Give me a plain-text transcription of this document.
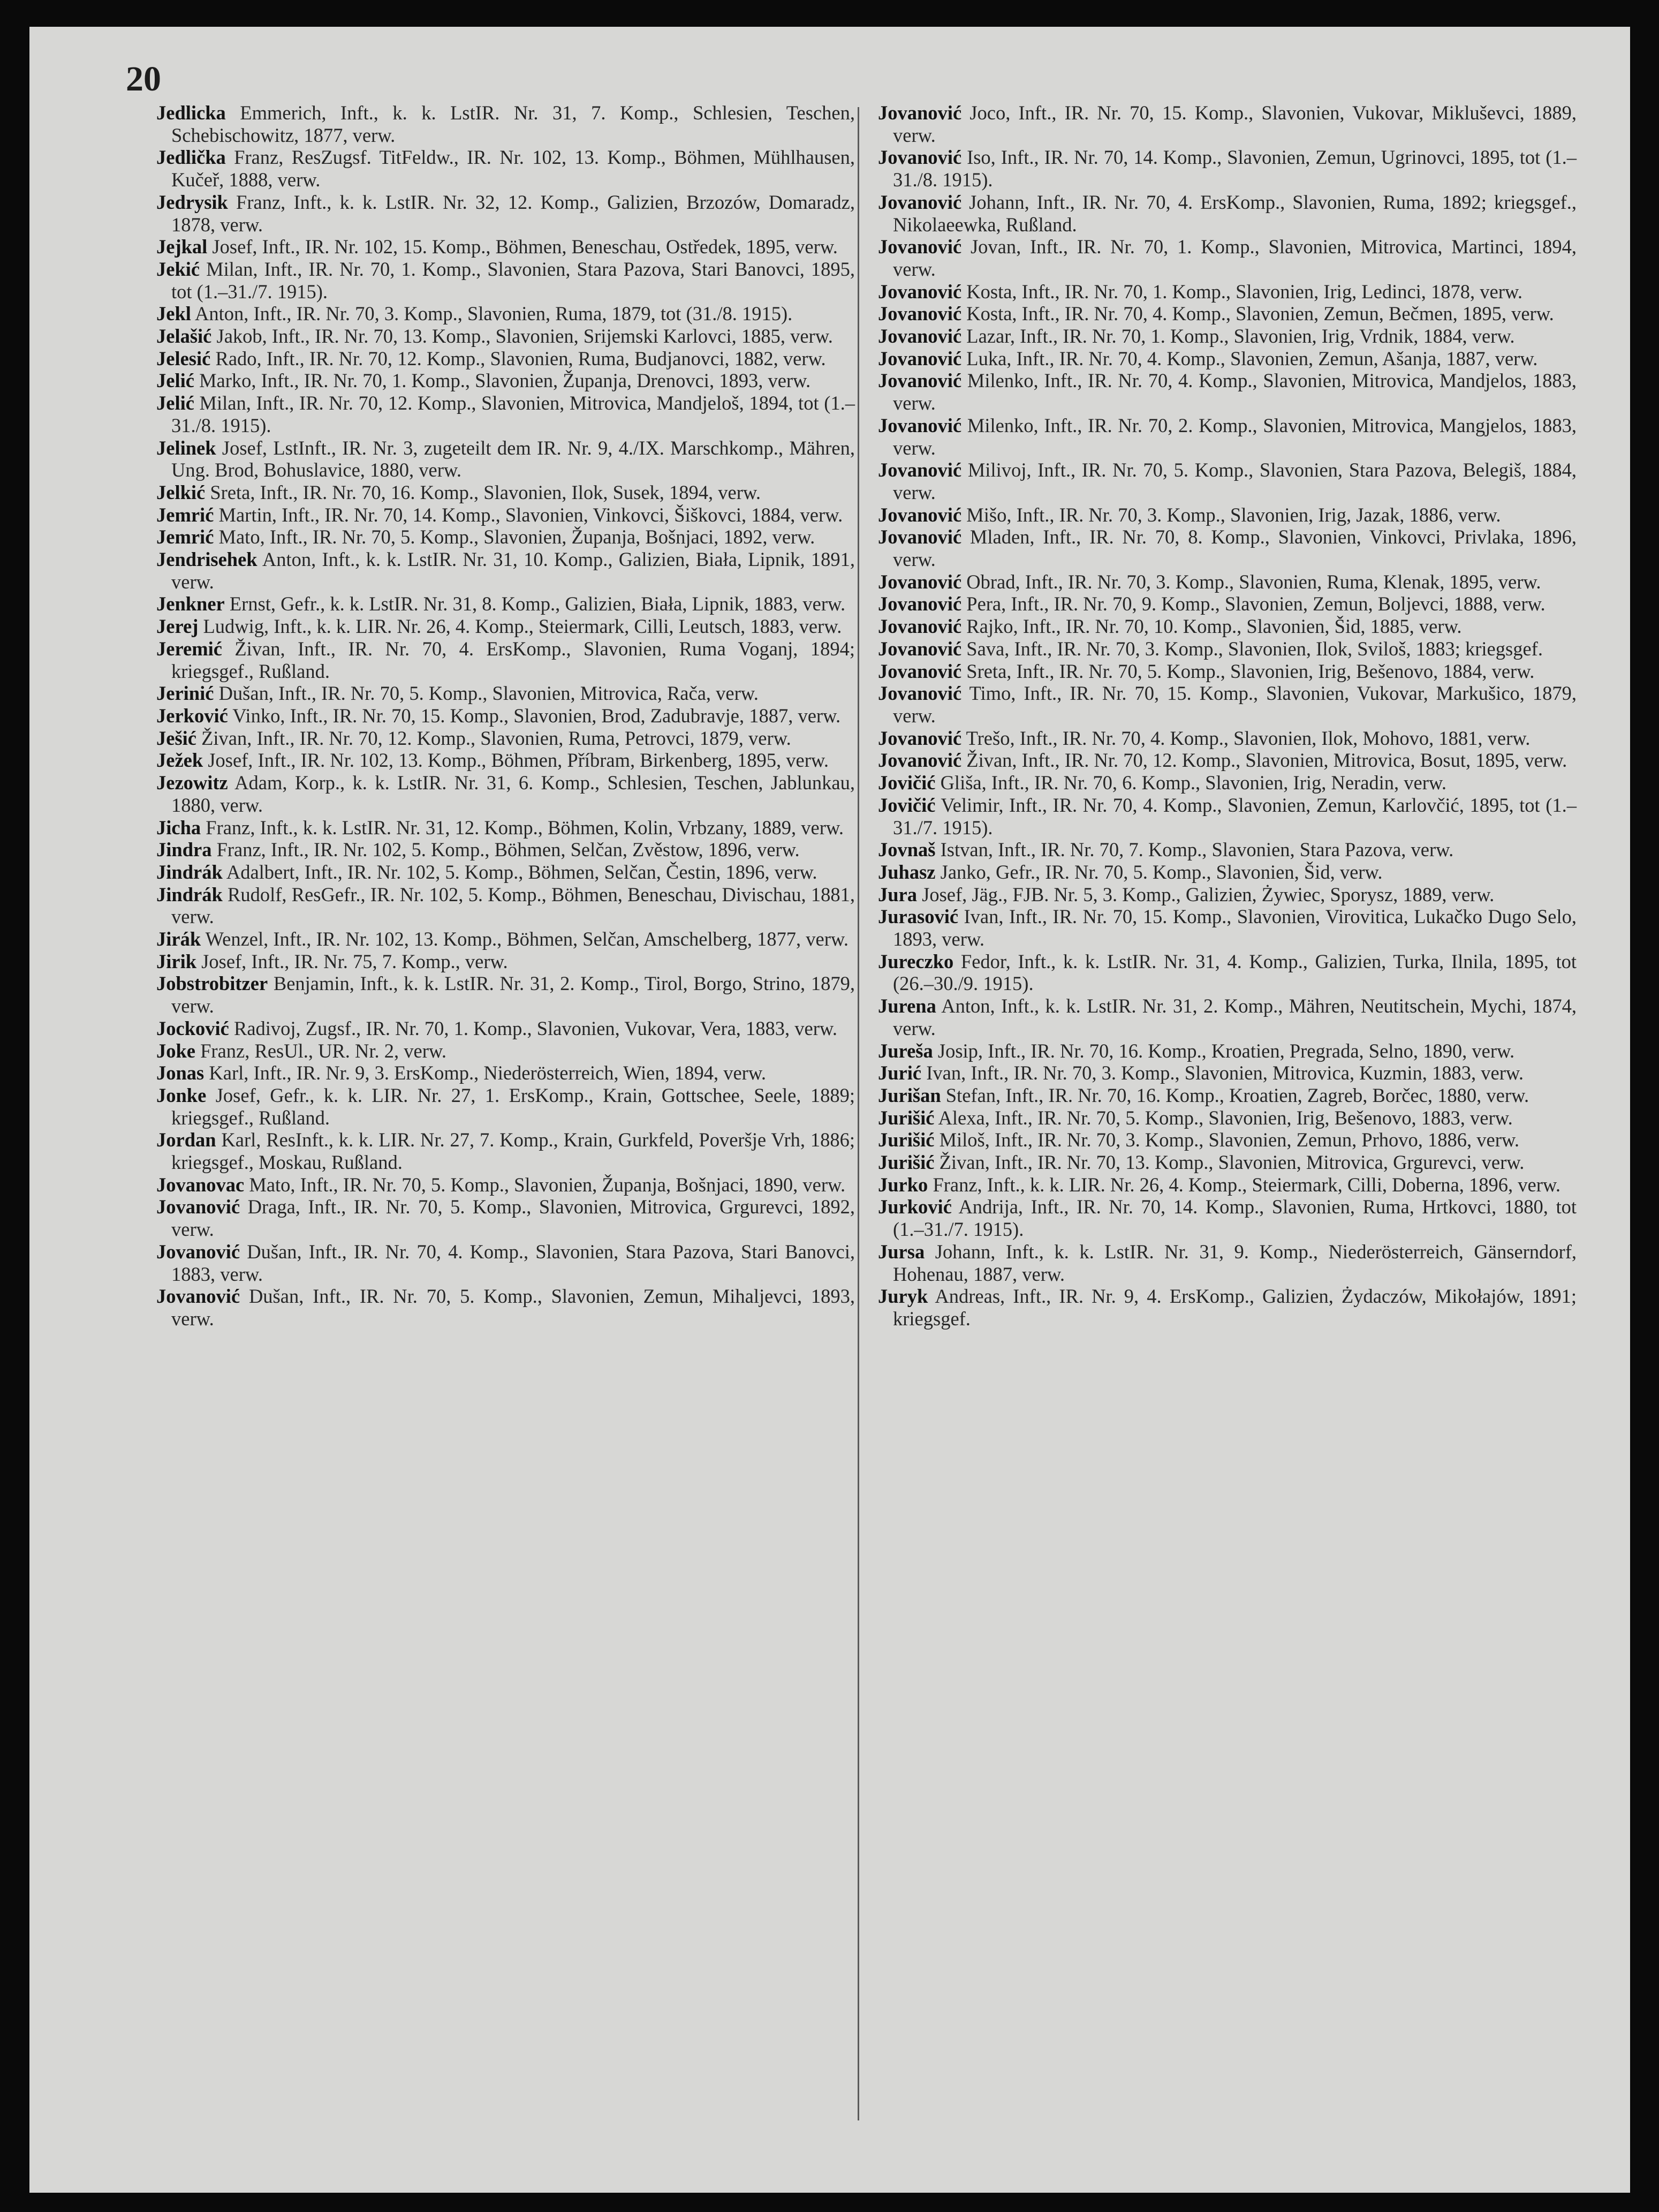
20

Jedlicka Emmerich, Inft., k. k. LstIR. Nr. 31, 7. Komp., Schlesien, Teschen, Schebischowitz, 1877, verw.

Jedlička Franz, ResZugsf. TitFeldw., IR. Nr. 102, 13. Komp., Böhmen, Mühlhausen, Kučeř, 1888, verw.

Jedrysik Franz, Inft., k. k. LstIR. Nr. 32, 12. Komp., Galizien, Brzozów, Domaradz, 1878, verw.

Jejkal Josef, Inft., IR. Nr. 102, 15. Komp., Böhmen, Beneschau, Ostředek, 1895, verw.

Jekić Milan, Inft., IR. Nr. 70, 1. Komp., Slavonien, Stara Pazova, Stari Banovci, 1895, tot (1.–31./7. 1915).

Jekl Anton, Inft., IR. Nr. 70, 3. Komp., Slavonien, Ruma, 1879, tot (31./8. 1915).

Jelašić Jakob, Inft., IR. Nr. 70, 13. Komp., Slavonien, Srijemski Karlovci, 1885, verw.

Jelesić Rado, Inft., IR. Nr. 70, 12. Komp., Slavonien, Ruma, Budjanovci, 1882, verw.

Jelić Marko, Inft., IR. Nr. 70, 1. Komp., Slavonien, Županja, Drenovci, 1893, verw.

Jelić Milan, Inft., IR. Nr. 70, 12. Komp., Slavonien, Mitrovica, Mandjeloš, 1894, tot (1.–31./8. 1915).

Jelinek Josef, LstInft., IR. Nr. 3, zugeteilt dem IR. Nr. 9, 4./IX. Marschkomp., Mähren, Ung. Brod, Bohuslavice, 1880, verw.

Jelkić Sreta, Inft., IR. Nr. 70, 16. Komp., Slavonien, Ilok, Susek, 1894, verw.

Jemrić Martin, Inft., IR. Nr. 70, 14. Komp., Slavonien, Vinkovci, Šiškovci, 1884, verw.

Jemrić Mato, Inft., IR. Nr. 70, 5. Komp., Slavonien, Županja, Bošnjaci, 1892, verw.

Jendrisehek Anton, Inft., k. k. LstIR. Nr. 31, 10. Komp., Galizien, Biała, Lipnik, 1891, verw.

Jenkner Ernst, Gefr., k. k. LstIR. Nr. 31, 8. Komp., Galizien, Biała, Lipnik, 1883, verw.

Jerej Ludwig, Inft., k. k. LIR. Nr. 26, 4. Komp., Steiermark, Cilli, Leutsch, 1883, verw.

Jeremić Živan, Inft., IR. Nr. 70, 4. ErsKomp., Slavonien, Ruma Voganj, 1894; kriegsgef., Rußland.

Jerinić Dušan, Inft., IR. Nr. 70, 5. Komp., Slavonien, Mitrovica, Rača, verw.

Jerković Vinko, Inft., IR. Nr. 70, 15. Komp., Slavonien, Brod, Zadubravje, 1887, verw.

Ješić Živan, Inft., IR. Nr. 70, 12. Komp., Slavonien, Ruma, Petrovci, 1879, verw.

Ježek Josef, Inft., IR. Nr. 102, 13. Komp., Böhmen, Příbram, Birkenberg, 1895, verw.

Jezowitz Adam, Korp., k. k. LstIR. Nr. 31, 6. Komp., Schlesien, Teschen, Jablunkau, 1880, verw.

Jicha Franz, Inft., k. k. LstIR. Nr. 31, 12. Komp., Böhmen, Kolin, Vrbzany, 1889, verw.

Jindra Franz, Inft., IR. Nr. 102, 5. Komp., Böhmen, Selčan, Zvěstow, 1896, verw.

Jindrák Adalbert, Inft., IR. Nr. 102, 5. Komp., Böhmen, Selčan, Čestin, 1896, verw.

Jindrák Rudolf, ResGefr., IR. Nr. 102, 5. Komp., Böhmen, Beneschau, Divischau, 1881, verw.

Jirák Wenzel, Inft., IR. Nr. 102, 13. Komp., Böhmen, Selčan, Amschelberg, 1877, verw.

Jirik Josef, Inft., IR. Nr. 75, 7. Komp., verw.

Jobstrobitzer Benjamin, Inft., k. k. LstIR. Nr. 31, 2. Komp., Tirol, Borgo, Strino, 1879, verw.

Jocković Radivoj, Zugsf., IR. Nr. 70, 1. Komp., Slavonien, Vukovar, Vera, 1883, verw.

Joke Franz, ResUl., UR. Nr. 2, verw.

Jonas Karl, Inft., IR. Nr. 9, 3. ErsKomp., Niederösterreich, Wien, 1894, verw.

Jonke Josef, Gefr., k. k. LIR. Nr. 27, 1. ErsKomp., Krain, Gottschee, Seele, 1889; kriegsgef., Rußland.

Jordan Karl, ResInft., k. k. LIR. Nr. 27, 7. Komp., Krain, Gurkfeld, Poveršje Vrh, 1886; kriegsgef., Moskau, Rußland.

Jovanovac Mato, Inft., IR. Nr. 70, 5. Komp., Slavonien, Županja, Bošnjaci, 1890, verw.

Jovanović Draga, Inft., IR. Nr. 70, 5. Komp., Slavonien, Mitrovica, Grgurevci, 1892, verw.

Jovanović Dušan, Inft., IR. Nr. 70, 4. Komp., Slavonien, Stara Pazova, Stari Banovci, 1883, verw.

Jovanović Dušan, Inft., IR. Nr. 70, 5. Komp., Slavonien, Zemun, Mihaljevci, 1893, verw.

Jovanović Joco, Inft., IR. Nr. 70, 15. Komp., Slavonien, Vukovar, Mikluševci, 1889, verw.

Jovanović Iso, Inft., IR. Nr. 70, 14. Komp., Slavonien, Zemun, Ugrinovci, 1895, tot (1.–31./8. 1915).

Jovanović Johann, Inft., IR. Nr. 70, 4. ErsKomp., Slavonien, Ruma, 1892; kriegsgef., Nikolaeewka, Rußland.

Jovanović Jovan, Inft., IR. Nr. 70, 1. Komp., Slavonien, Mitrovica, Martinci, 1894, verw.

Jovanović Kosta, Inft., IR. Nr. 70, 1. Komp., Slavonien, Irig, Ledinci, 1878, verw.

Jovanović Kosta, Inft., IR. Nr. 70, 4. Komp., Slavonien, Zemun, Bečmen, 1895, verw.

Jovanović Lazar, Inft., IR. Nr. 70, 1. Komp., Slavonien, Irig, Vrdnik, 1884, verw.

Jovanović Luka, Inft., IR. Nr. 70, 4. Komp., Slavonien, Zemun, Ašanja, 1887, verw.

Jovanović Milenko, Inft., IR. Nr. 70, 4. Komp., Slavonien, Mitrovica, Mandjelos, 1883, verw.

Jovanović Milenko, Inft., IR. Nr. 70, 2. Komp., Slavonien, Mitrovica, Mangjelos, 1883, verw.

Jovanović Milivoj, Inft., IR. Nr. 70, 5. Komp., Slavonien, Stara Pazova, Belegiš, 1884, verw.

Jovanović Mišo, Inft., IR. Nr. 70, 3. Komp., Slavonien, Irig, Jazak, 1886, verw.

Jovanović Mladen, Inft., IR. Nr. 70, 8. Komp., Slavonien, Vinkovci, Privlaka, 1896, verw.

Jovanović Obrad, Inft., IR. Nr. 70, 3. Komp., Slavonien, Ruma, Klenak, 1895, verw.

Jovanović Pera, Inft., IR. Nr. 70, 9. Komp., Slavonien, Zemun, Boljevci, 1888, verw.

Jovanović Rajko, Inft., IR. Nr. 70, 10. Komp., Slavonien, Šid, 1885, verw.

Jovanović Sava, Inft., IR. Nr. 70, 3. Komp., Slavonien, Ilok, Sviloš, 1883; kriegsgef.

Jovanović Sreta, Inft., IR. Nr. 70, 5. Komp., Slavonien, Irig, Bešenovo, 1884, verw.

Jovanović Timo, Inft., IR. Nr. 70, 15. Komp., Slavonien, Vukovar, Markušico, 1879, verw.

Jovanović Trešo, Inft., IR. Nr. 70, 4. Komp., Slavonien, Ilok, Mohovo, 1881, verw.

Jovanović Živan, Inft., IR. Nr. 70, 12. Komp., Slavonien, Mitrovica, Bosut, 1895, verw.

Jovičić Gliša, Inft., IR. Nr. 70, 6. Komp., Slavonien, Irig, Neradin, verw.

Jovičić Velimir, Inft., IR. Nr. 70, 4. Komp., Slavonien, Zemun, Karlovčić, 1895, tot (1.–31./7. 1915).

Jovnaš Istvan, Inft., IR. Nr. 70, 7. Komp., Slavonien, Stara Pazova, verw.

Juhasz Janko, Gefr., IR. Nr. 70, 5. Komp., Slavonien, Šid, verw.

Jura Josef, Jäg., FJB. Nr. 5, 3. Komp., Galizien, Żywiec, Sporysz, 1889, verw.

Jurasović Ivan, Inft., IR. Nr. 70, 15. Komp., Slavonien, Virovitica, Lukačko Dugo Selo, 1893, verw.

Jureczko Fedor, Inft., k. k. LstIR. Nr. 31, 4. Komp., Galizien, Turka, Ilnila, 1895, tot (26.–30./9. 1915).

Jurena Anton, Inft., k. k. LstIR. Nr. 31, 2. Komp., Mähren, Neutitschein, Mychi, 1874, verw.

Jureša Josip, Inft., IR. Nr. 70, 16. Komp., Kroatien, Pregrada, Selno, 1890, verw.

Jurić Ivan, Inft., IR. Nr. 70, 3. Komp., Slavonien, Mitrovica, Kuzmin, 1883, verw.

Jurišan Stefan, Inft., IR. Nr. 70, 16. Komp., Kroatien, Zagreb, Borčec, 1880, verw.

Jurišić Alexa, Inft., IR. Nr. 70, 5. Komp., Slavonien, Irig, Bešenovo, 1883, verw.

Jurišić Miloš, Inft., IR. Nr. 70, 3. Komp., Slavonien, Zemun, Prhovo, 1886, verw.

Jurišić Živan, Inft., IR. Nr. 70, 13. Komp., Slavonien, Mitrovica, Grgurevci, verw.

Jurko Franz, Inft., k. k. LIR. Nr. 26, 4. Komp., Steiermark, Cilli, Doberna, 1896, verw.

Jurković Andrija, Inft., IR. Nr. 70, 14. Komp., Slavonien, Ruma, Hrtkovci, 1880, tot (1.–31./7. 1915).

Jursa Johann, Inft., k. k. LstIR. Nr. 31, 9. Komp., Niederösterreich, Gänserndorf, Hohenau, 1887, verw.

Juryk Andreas, Inft., IR. Nr. 9, 4. ErsKomp., Galizien, Żydaczów, Mikołajów, 1891; kriegsgef.
